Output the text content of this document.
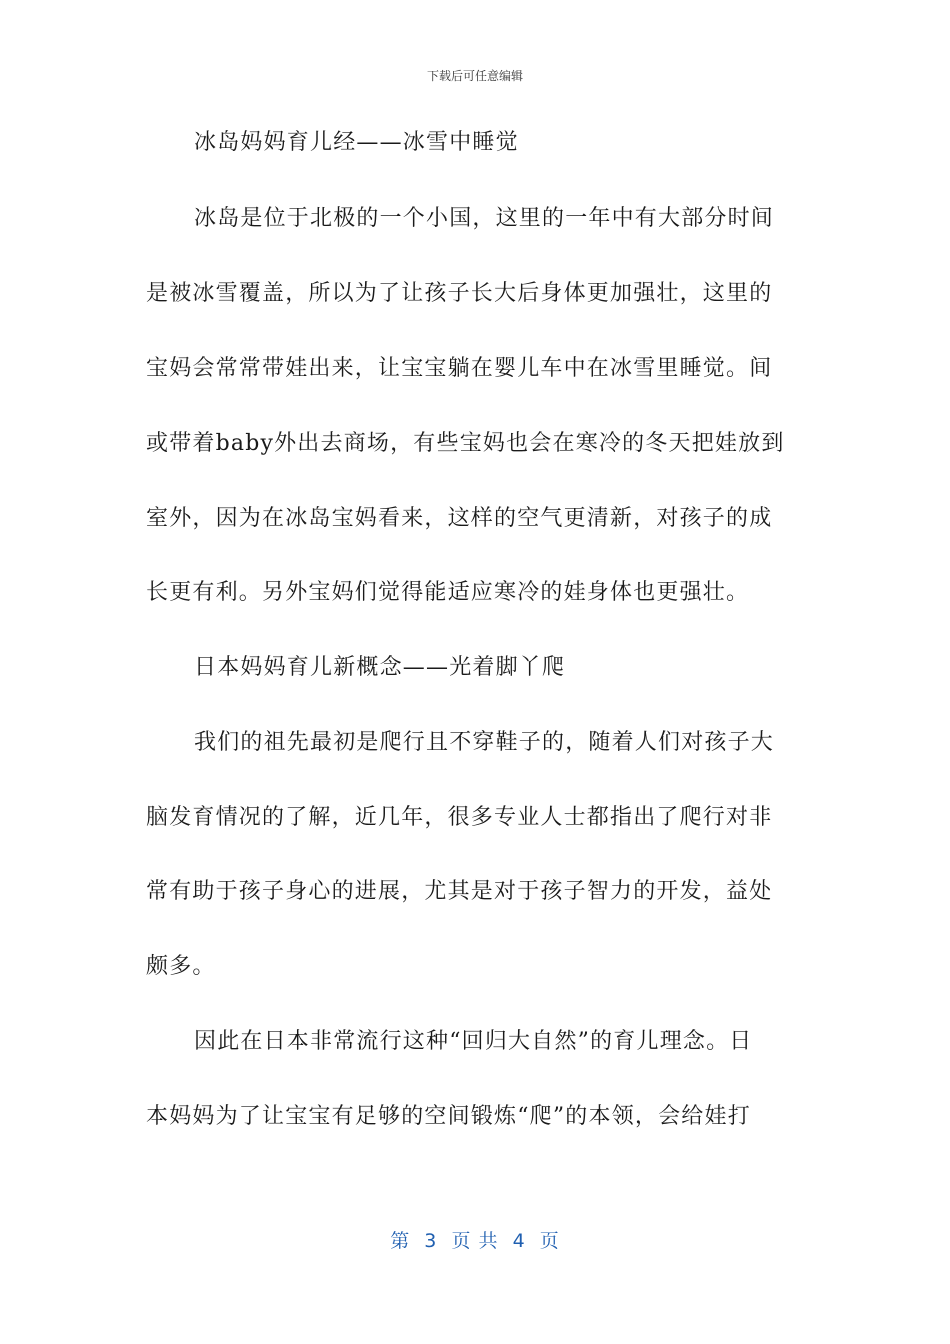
下载后可任意编辑
冰岛妈妈育儿经——冰雪中睡觉
冰岛是位于北极的一个小国，这里的一年中有大部分时间
是被冰雪覆盖，所以为了让孩子长大后身体更加强壮，这里的
宝妈会常常带娃出来，让宝宝躺在婴儿车中在冰雪里睡觉。间
或带着baby外出去商场，有些宝妈也会在寒冷的冬天把娃放到
室外，因为在冰岛宝妈看来，这样的空气更清新，对孩子的成
长更有利。另外宝妈们觉得能适应寒冷的娃身体也更强壮。
日本妈妈育儿新概念——光着脚丫爬
我们的祖先最初是爬行且不穿鞋子的，随着人们对孩子大
脑发育情况的了解，近几年，很多专业人士都指出了爬行对非
常有助于孩子身心的进展，尤其是对于孩子智力的开发，益处
颇多。
因此在日本非常流行这种“回归大自然”的育儿理念。日
本妈妈为了让宝宝有足够的空间锻炼“爬”的本领，会给娃打
第  3  页 共  4  页
